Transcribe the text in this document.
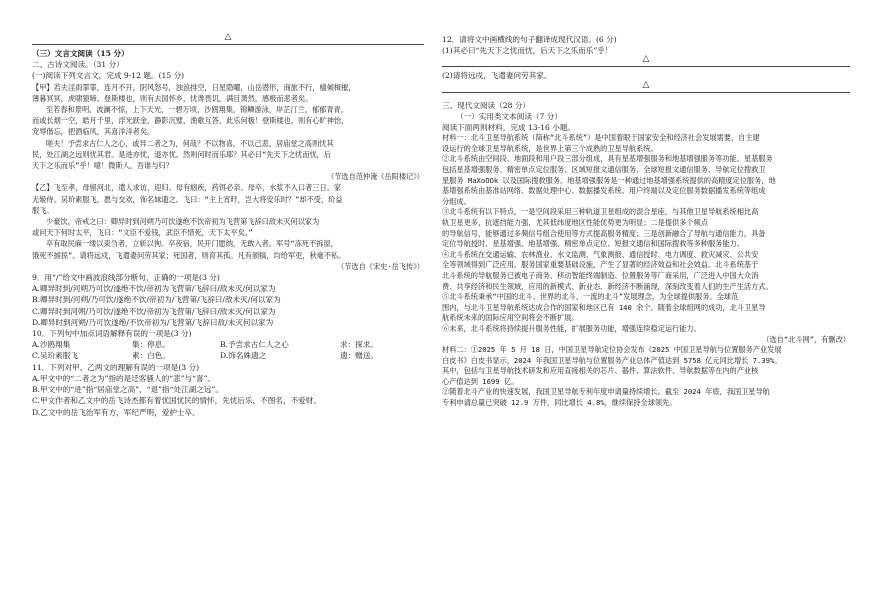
△
（三）文言文阅读（15 分）
二、古诗文阅读。（31 分）
(一)阅读下列文言文，完成 9-12 题。(15 分)
【甲】若夫淫雨霏霏，连月不开，阴风怒号，浊浪排空，日星隐曜，山岳潜形，商旅不行，樯倾楫摧，
薄暮冥冥，虎啸猿啼。登斯楼也，则有去国怀乡，忧谗畏讥，满目萧然，感极而悲者矣。
至若春和景明，波澜不惊，上下天光，一碧万顷，沙鸥翔集，锦鳞游泳，岸芷汀兰，郁郁青青。
而或长烟一空，皓月千里，浮光跃金，静影沉璧，渔歌互答，此乐何极！登斯楼也，则有心旷神怡，
宠辱偕忘，把酒临风，其喜洋洋者矣。
嗟夫！予尝求古仁人之心，或异二者之为，何哉？不以物喜，不以己悲，居庙堂之高则忧其
民，处江湖之远则忧其君。是进亦忧，退亦忧。然则何时而乐耶？其必曰“先天下之忧而忧，后
天下之乐而乐”乎！噫！微斯人，吾谁与归？
（节选自范仲淹《岳阳楼记》）
【乙】飞至孝，母留河北，遣人求访，迎归。母有痼疾，药饵必亲。母卒，水浆不入口者三日。家
无姬侍。吴玠素服飞，愿与交欢，饰名妹遗之。飞曰：“主上宵旰，岂大将安乐时？”却不受，玠益
服飞。
少豪饮，帝戒之曰：卿异时到河朔乃可饮遂绝不饮帝初为飞营第飞辞曰敌未灭何以家为
或问天下何时太平，飞曰：“文臣不爱钱，武臣不惜死，天下太平矣。”
卒有取民麻一缕以束刍者，立斩以徇。卒夜宿，民开门愿纳，无敢入者。军号“冻死不拆屋，
饿死不掳掠”。请将远戍，飞遣妻问劳其家；死国者，则育其孤。凡有颁犒，均给军吏，秋毫不私。
（节选自《宋史·岳飞传》）
9．用“/”给文中画波浪线部分断句，正确的一项是(3 分)
A.卿异时到/河朔乃可饮/遂绝不饮/帝初为飞营第/飞辞曰/敌未灭/何以家为
B.卿异时到/河朔/乃可饮/遂绝不饮/帝初为/飞营第/飞辞曰/敌未灭/何以家为
C.卿异时到河朔/乃可饮/遂绝不饮/帝初为飞营第/飞辞曰/敌未灭/何以家为
D.卿异时到河朔/乃可饮遂绝/不饮帝初为/飞营第/飞辞曰敌/未灭何以家为
10．下列句中加点词语解释有误的一项是(3 分)
A.沙鸥翔集	集：停息。	B.予尝求古仁人之心	求：探求。
C.吴玠素服飞	素：白色。	D.饰名姝遗之	遗：赠送。
11．下列对甲、乙两文的理解有误的一项是(3 分)
A.甲文中的“二者之为”指的是迁客骚人的“悲”与“喜”。
B.甲文中的“进”指“居庙堂之高”，“退”指“处江湖之远”。
C.甲文作者和乙文中的岳飞诗杰都有着忧国忧民的情怀，先忧后乐，不图名，不爱财。
D.乙文中的岳飞治军有方，军纪严明，爱护士卒。
12．请将文中画横线的句子翻译成现代汉语。(6 分)
(1)其必曰“先天下之忧而忧，后天下之乐而乐”乎！
△
(2)请将远戍，飞遣妻问劳其家。
△
三、现代文阅读（28 分）
（一）实用类文本阅读（7 分）
阅读下面两则材料，完成 13-16 小题。
材料一：北斗卫星导航系统（简称“北斗系统”）是中国着眼于国家安全和经济社会发展需要，自主建
设运行的全球卫星导航系统，是世界上第三个成熟的卫星导航系统。
②北斗系统由空间段、地面段和用户段三部分组成，具有星基增强服务和地基增强服务等功能。星基服务
包括星基增强服务、精密单点定位服务、区域短报文通信服务、全球短报文通信服务、导航定位搜救卫
星服务 MaXoOOk 以及国际搜救服务。地基增强服务是一种通过地基增强系统提供的高精度定位服务，地
基增强系统由基准站网络、数据处理中心、数据播发系统、用户终端以及定位服务数据播发系统等组成
分组成。
③北斗系统有以下特点，一是空间段采用三种轨道卫星组成的混合星座，与其他卫星导航系统相比高
轨卫星更多，抗遮挡能力强，尤其低纬度地区性能优势更为明显；二是提供多个频点
的导航信号，能够通过多频信号组合使用等方式提高服务精度；三是创新融合了导航与通信能力，具备
定位导航授时、星基增强、地基增强、精密单点定位、短报文通信和国际搜救等多种服务能力。
④北斗系统在交通运输、农林渔业、水文监测、气象测报、通信授时、电力调度、救灾减灾、公共安
全等领域得到广泛应用，服务国家重要基础设施，产生了显著的经济效益和社会效益。北斗系统基于
北斗系统的导航服务已被电子商务、移动智能终端制造、位置服务等厂商采用，广泛进入中国大众消
费、共享经济和民生领域，应用的新模式、新业态、新经济不断涌现，深刻改变着人们的生产生活方式。
⑤北斗系统秉承“中国的北斗、世界的北斗、一流的北斗”发展理念，为全球提供服务。全球范
围内，与北斗卫星导航系统达成合作的国家和地区已有 140 余个。随着全球组网的成功，北斗卫星导
航系统未来的国际应用空间将会不断扩展。
⑥未来，北斗系统将持续提升服务性能，扩展服务功能，增强连续稳定运行能力。
（选自“北斗网”，有删改）
材料二：①2025 年 5 月 18 日，中国卫星导航定位协会发布《2025 中国卫星导航与位置服务产业发展
白皮书》白皮书显示，2024 年我国卫星导航与位置服务产业总体产值达到 5758 亿元同比增长 7.39%。
其中，包括与卫星导航技术研发和应用直接相关的芯片、器件、算法软件、导航数据等在内的产业核
心产值达到 1699 亿。
②随着北斗产业的快速发展，我国卫星导航专利年度申请量持续增长。截至 2024 年底，我国卫星导航
专利申请总量已突破 12.9 万件，同比增长 4.8%，继续保持全球领先。
